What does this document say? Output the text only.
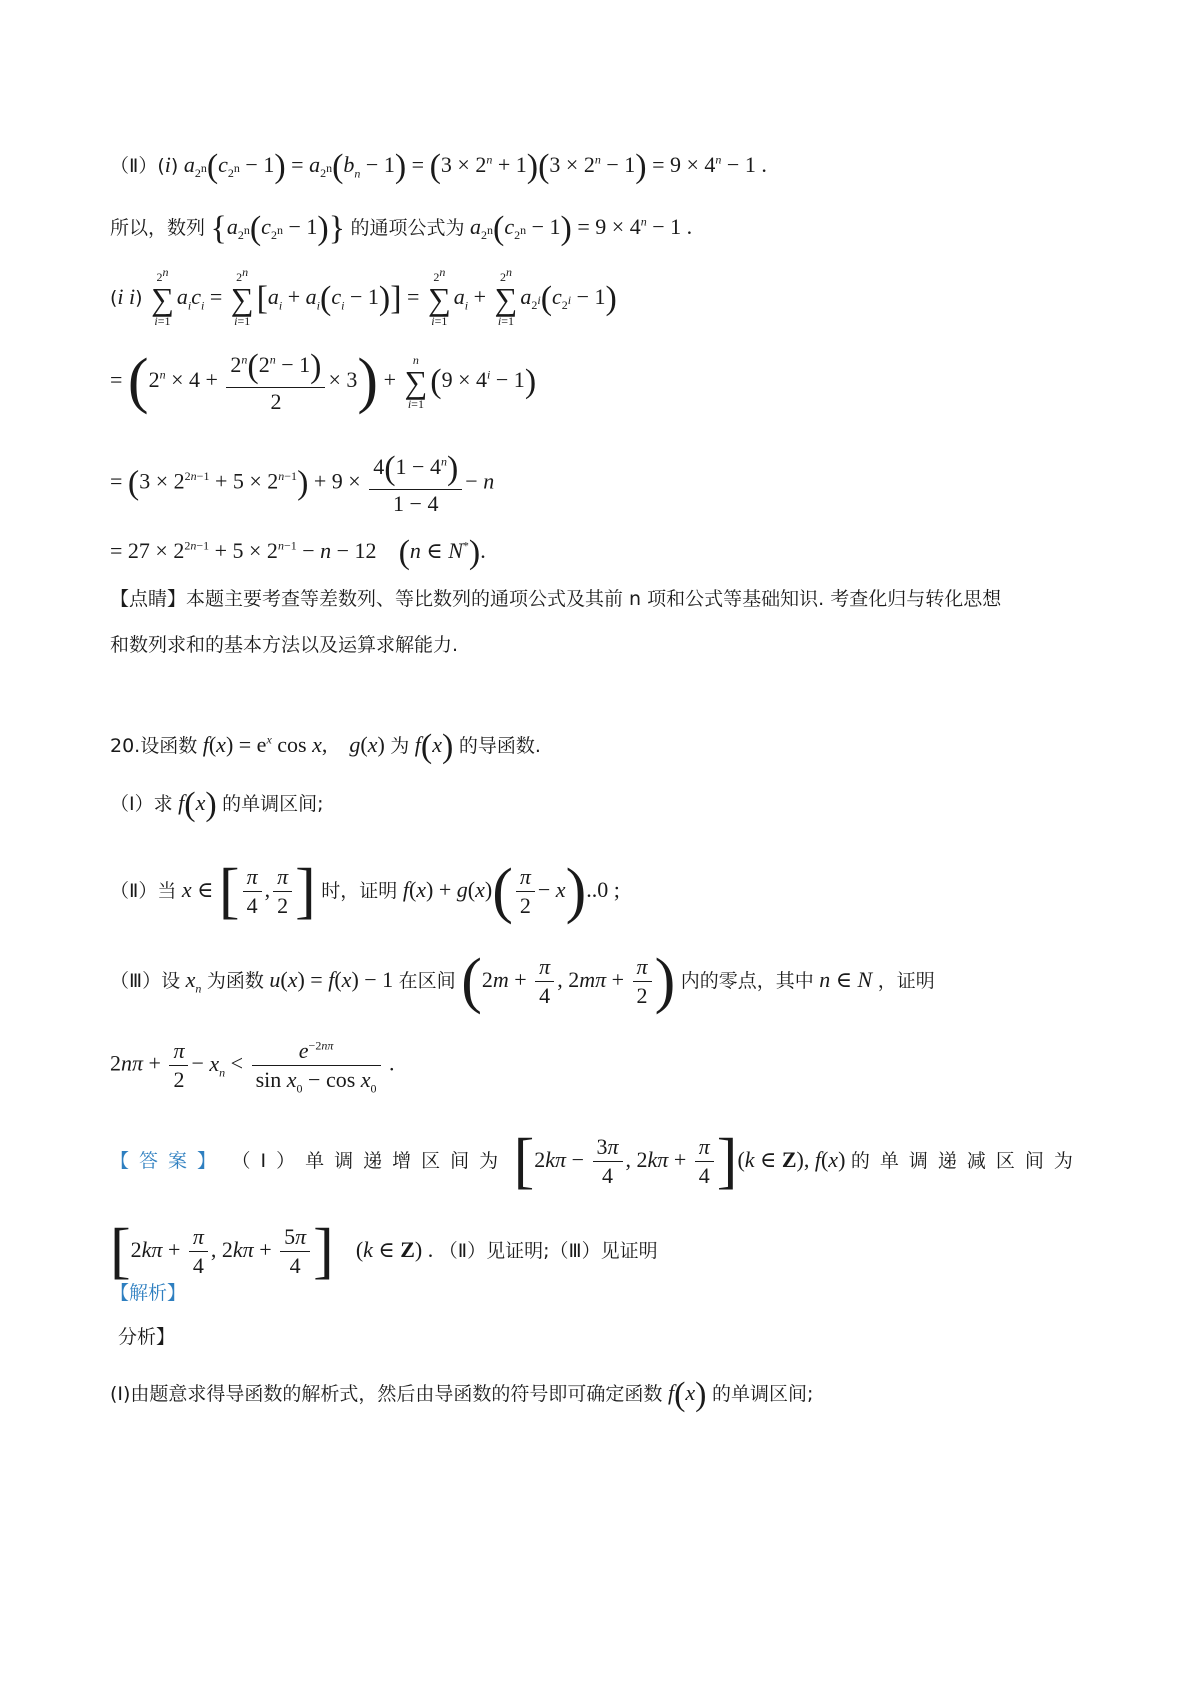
（Ⅱ）(i) $a_{2^n}(c_{2^n} - 1) = a_{2^n}(b_n - 1) = (3 \times 2^n + 1)(3 \times 2^n - 1) = 9 \times 4^n - 1$ .
所以，数列 $\{a_{2^n}(c_{2^n} - 1)\}$ 的通项公式为 $a_{2^n}(c_{2^n} - 1) = 9 \times 4^n - 1$ .
(i i)
2$^n$
∑
i=1
$a_ic_i$ =
2$^n$
∑
i=1
$[a_i + a_i(c_i - 1)]$ =
2$^n$
∑
i=1
$a_i$ +
2$^n$
∑
i=1
$a_{2^i}(c_{2^i} - 1)$
= $(2^n \times 4 + \frac{2^n(2^n - 1)}{2} \times 3)$ +
n
∑
i=1
$(9 \times 4^i - 1)$
= $(3 \times 2^{2n-1} + 5 \times 2^{n-1}) + 9 \times \frac{4(1 - 4^n)}{1 - 4} - n$
= $27 \times 2^{2n-1} + 5 \times 2^{n-1} - n - 12$    (n ∈ N*).
【点睛】本题主要考查等差数列、等比数列的通项公式及其前 n 项和公式等基础知识. 考查化归与转化思想
和数列求和的基本方法以及运算求解能力.
20.设函数 $f(x) = e^x$ cos x,    g(x) 为 f(x) 的导函数.
（Ⅰ）求 f(x) 的单调区间;
（Ⅱ）当 x ∈ [ $\frac{\pi}{4}$ , $\frac{\pi}{2}$ ] 时，证明 $f(x) + g(x)( \frac{\pi}{2} - x)..0$ ;
（Ⅲ）设 $x_n$ 为函数 u(x) = f(x) − 1 在区间 ($2m + \frac{\pi}{4}$ , $2m\pi + \frac{\pi}{2}$ ) 内的零点，其中 n ∈ N ，证明
$2n\pi + \frac{\pi}{2} - x_n < \frac{e^{-2n\pi}}{\sin x_0 - \cos x_0}$ .
【答案】 （Ⅰ）单调递增区间为 [$2k\pi - \frac{3\pi}{4}$ , $2k\pi + \frac{\pi}{4} ](k$ ∈ Z), f(x) 的单调递减区间为
[$2k\pi + \frac{\pi}{4}$ , $2k\pi + \frac{5\pi}{4}$ ]    (k ∈ Z) . （Ⅱ）见证明;（Ⅲ）见证明
【解析】
分析】
(Ⅰ)由题意求得导函数的解析式，然后由导函数的符号即可确定函数 f(x) 的单调区间;
